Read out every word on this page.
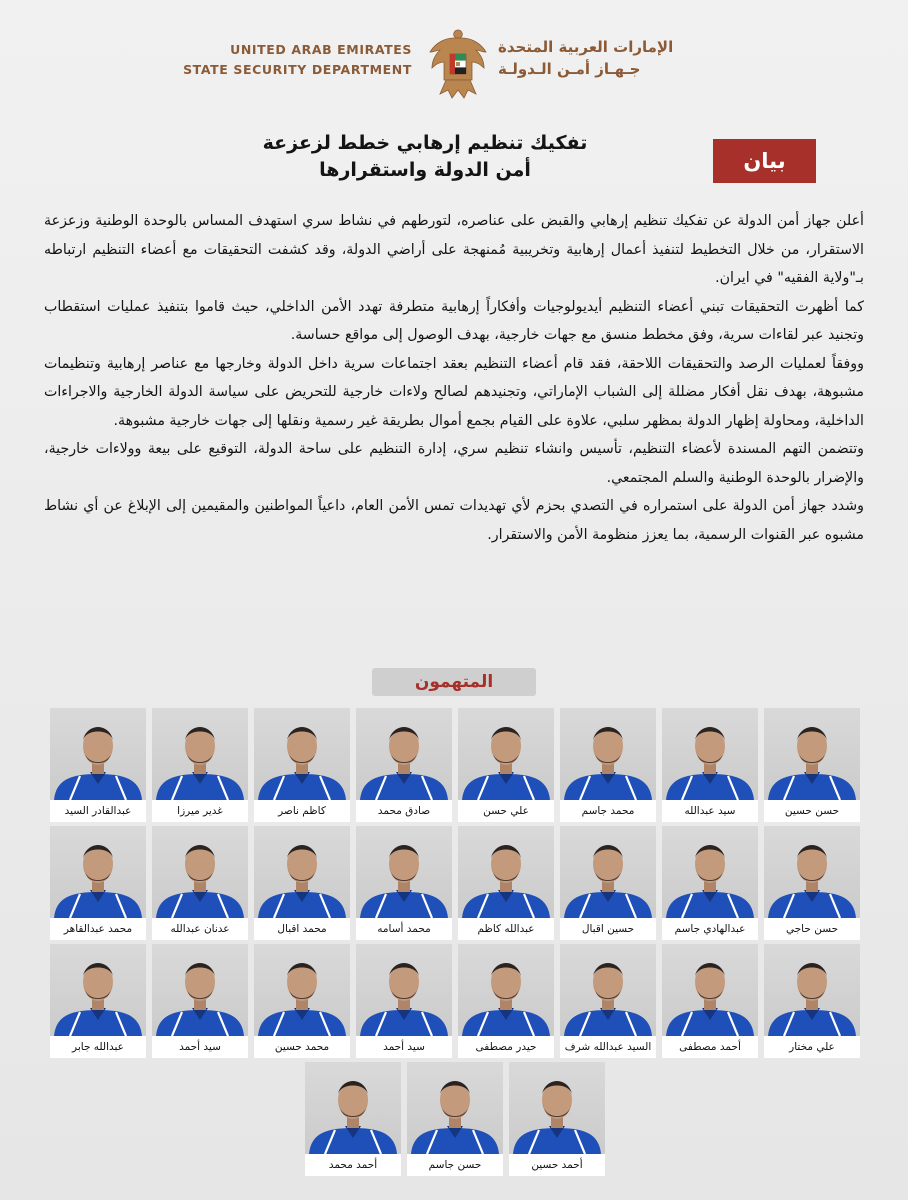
UNITED ARAB EMIRATES
STATE SECURITY DEPARTMENT
الإمارات العربية المتحدة
جـهـاز أمـن الـدولـة
تفكيك تنظيم إرهابي خطط لزعزعة
أمن الدولة واستقرارها	بيان

أعلن جهاز أمن الدولة عن تفكيك تنظيم إرهابي والقبض على عناصره، لتورطهم في نشاط سري استهدف المساس بالوحدة الوطنية وزعزعة الاستقرار، من خلال التخطيط لتنفيذ أعمال إرهابية وتخريبية مُمنهجة على أراضي الدولة، وقد كشفت التحقيقات مع أعضاء التنظيم ارتباطه بـ"ولاية الفقيه" في ايران.

كما أظهرت التحقيقات تبني أعضاء التنظيم أيديولوجيات وأفكاراً إرهابية متطرفة تهدد الأمن الداخلي، حيث قاموا بتنفيذ عمليات استقطاب وتجنيد عبر لقاءات سرية، وفق مخطط منسق مع جهات خارجية، بهدف الوصول إلى مواقع حساسة.

ووفقاً لعمليات الرصد والتحقيقات اللاحقة، فقد قام أعضاء التنظيم بعقد اجتماعات سرية داخل الدولة وخارجها مع عناصر إرهابية وتنظيمات مشبوهة، بهدف نقل أفكار مضللة إلى الشباب الإماراتي، وتجنيدهم لصالح ولاءات خارجية للتحريض على سياسة الدولة الخارجية والاجراءات الداخلية، ومحاولة إظهار الدولة بمظهر سلبي، علاوة على القيام بجمع أموال بطريقة غير رسمية ونقلها إلى جهات خارجية مشبوهة.

وتتضمن التهم المسندة لأعضاء التنظيم، تأسيس وانشاء تنظيم سري، إدارة التنظيم على ساحة الدولة، التوقيع على بيعة وولاءات خارجية، والإضرار بالوحدة الوطنية والسلم المجتمعي.

وشدد جهاز أمن الدولة على استمراره في التصدي بحزم لأي تهديدات تمس الأمن العام، داعياً المواطنين والمقيمين إلى الإبلاغ عن أي نشاط مشبوه عبر القنوات الرسمية، بما يعزز منظومة الأمن والاستقرار.

المتهمون
حسن حسين
سيد عبدالله
محمد جاسم
علي حسن
صادق محمد
كاظم ناصر
غدير ميرزا
عبدالقادر السيد
حسن حاجي
عبدالهادي جاسم
حسين اقبال
عبدالله كاظم
محمد أسامه
محمد اقبال
عدنان عبدالله
محمد عبدالقاهر
علي مختار
أحمد مصطفى
السيد عبدالله شرف
حيدر مصطفى
سيد أحمد
محمد حسين
سيد أحمد
عبدالله جابر
أحمد حسين
حسن جاسم
أحمد محمد
